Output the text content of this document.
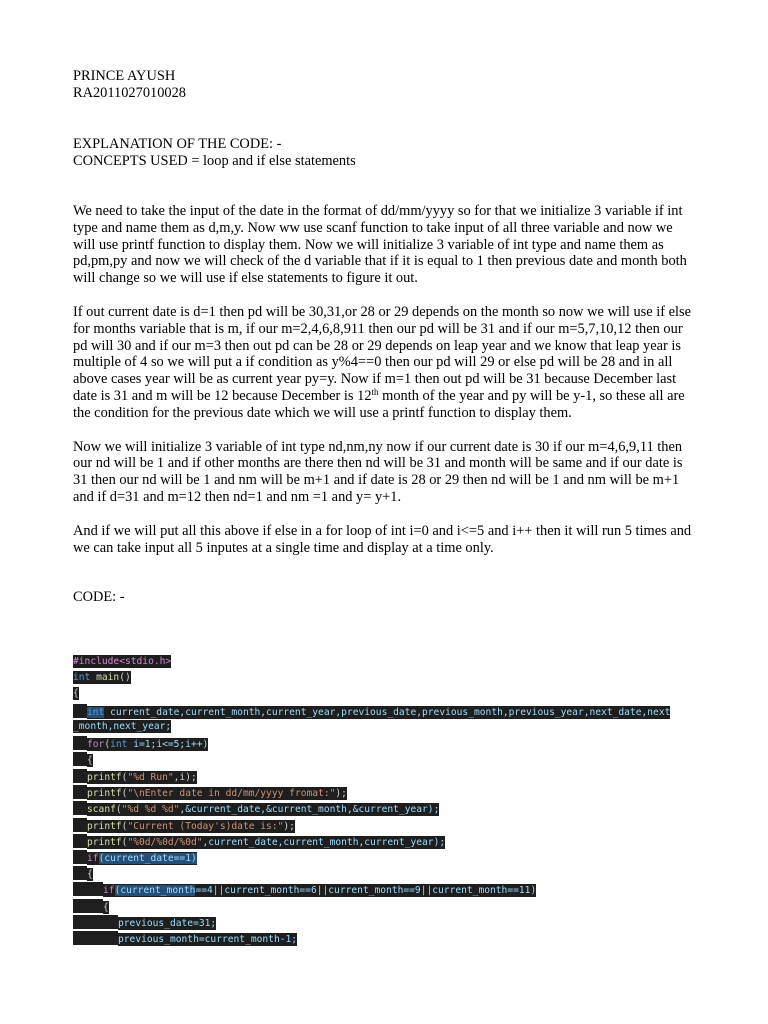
PRINCE AYUSH
RA2011027010028
EXPLANATION OF THE CODE: -
CONCEPTS USED = loop and if else statements

We need to take the input of the date in the format of dd/mm/yyyy so for that we initialize 3 variable if int type and name them as d,m,y. Now ww use scanf function to take input of all three variable and now we will use printf function to display them. Now we will initialize 3 variable of int type and name them as pd,pm,py and now we will check of the d variable that if it is equal to 1 then previous date and month both will change so we will use if else statements to figure it out.

If out current date is d=1 then pd will be 30,31,or 28 or 29 depends on the month so now we will use if else for months variable that is m, if our m=2,4,6,8,911 then our pd will be 31 and if our m=5,7,10,12 then our pd will 30 and if our m=3 then out pd can be 28 or 29 depends on leap year and we know that leap year is multiple of 4 so we will put a if condition as y%4==0 then our pd will 29 or else pd will be 28 and in all above cases year will be as current year py=y. Now if m=1 then out pd will be 31 because December last date is 31 and m will be 12 because December is 12th month of the year and py will be y-1, so these all are the condition for the previous date which we will use a printf function to display them.

Now we will initialize 3 variable of int type nd,nm,ny now if our current date is 30 if our m=4,6,9,11 then our nd will be 1 and if other months are there then nd will be 31 and month will be same and if our date is 31 then our nd will be 1 and nm will be m+1 and if date is 28 or 29 then nd will be 1 and nm will be m+1 and if d=31 and m=12 then nd=1 and nm =1 and y= y+1.

And if we will put all this above if else in a for loop of int i=0 and i<=5 and i++ then it will run 5 times and we can take input all 5 inputes at a single time and display at a time only.

CODE: -
#include<stdio.h>
int main()
{
int current_date,current_month,current_year,previous_date,previous_month,previous_year,next_date,next
_month,next_year;
for(int i=1;i<=5;i++)
{
printf("%d Run",i);
printf("\nEnter date in dd/mm/yyyy fromat:");
scanf("%d %d %d",&current_date,&current_month,&current_year);
printf("Current (Today's)date is:");
printf("%0d/%0d/%0d",current_date,current_month,current_year);
if(current_date==1)
{
if(current_month==4||current_month==6||current_month==9||current_month==11)
{
previous_date=31;
previous_month=current_month-1;
